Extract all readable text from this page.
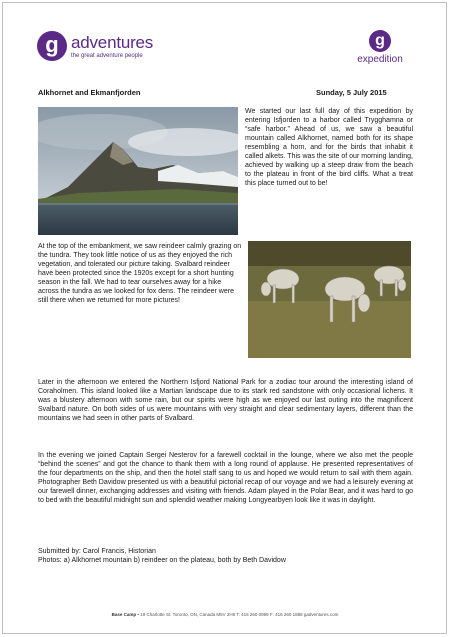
g adventures
the great adventure people
g
expedition
Alkhornet and Ekmanfjorden	Sunday, 5 July 2015

We started our last full day of this expedition by entering Isfjorden to a harbor called Trygghamna or “safe harbor.” Ahead of us, we saw a beautiful mountain called Alkhornet, named both for its shape resembling a horn, and for the birds that inhabit it called alkets. This was the site of our morning landing, achieved by walking up a steep draw from the beach to the plateau in front of the bird cliffs. What a treat this place turned out to be!

At the top of the embankment, we saw reindeer calmly grazing on the tundra. They took little notice of us as they enjoyed the rich vegetation, and tolerated our picture taking. Svalbard reindeer have been protected since the 1920s except for a short hunting season in the fall. We had to tear ourselves away for a hike across the tundra as we looked for fox dens. The reindeer were still there when we returned for more pictures!

Later in the afternoon we entered the Northern Isfjord National Park for a zodiac tour around the interesting island of Coraholmen. This island looked like a Martian landscape due to its stark red sandstone with only occasional lichens. It was a blustery afternoon with some rain, but our spirits were high as we enjoyed our last outing into the magnificent Svalbard nature. On both sides of us were mountains with very straight and clear sedimentary layers, different than the mountains we had seen in other parts of Svalbard.

In the evening we joined Captain Sergei Nesterov for a farewell cocktail in the lounge, where we also met the people “behind the scenes” and got the chance to thank them with a long round of applause. He presented representatives of the four departments on the ship, and then the hotel staff sang to us and hoped we would return to sail with them again. Photographer Beth Davidow presented us with a beautiful pictorial recap of our voyage and we had a leisurely evening at our farewell dinner, exchanging addresses and visiting with friends. Adam played in the Polar Bear, and it was hard to go to bed with the beautiful midnight sun and splendid weather making Longyearbyen look like it was in daylight.

Submitted by: Carol Francis, Historian
Photos: a) Alkhornet mountain b) reindeer on the plateau, both by Beth Davidow
Base Camp • 19 Charlotte St. Toronto, ON, Canada M5V 2H5 T: 416 260 0999 F: 416 260 1888 gadventures.com
